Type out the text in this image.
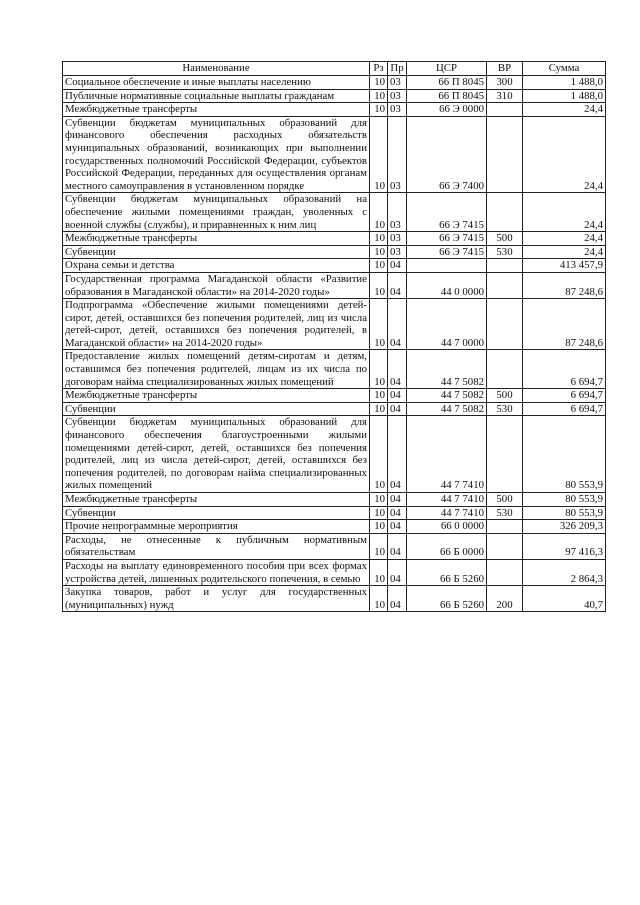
Наименование	Рз	Пр	ЦСР	ВР	Сумма
Социальное обеспечение и иные выплаты населению	10	03	66 П 8045	300	1 488,0
Публичные нормативные социальные выплаты гражданам	10	03	66 П 8045	310	1 488,0
Межбюджетные трансферты	10	03	66 Э 0000		24,4
Субвенции бюджетам муниципальных образований для финансового обеспечения расходных обязательств муниципальных образований, возникающих при выполнении государственных полномочий Российской Федерации, субъектов Российской Федерации, переданных для осуществления органам местного самоуправления в установленном порядке	10	03	66 Э 7400		24,4
Субвенции бюджетам муниципальных образований на обеспечение жилыми помещениями граждан, уволенных с военной службы (службы), и приравненных к ним лиц	10	03	66 Э 7415		24,4
Межбюджетные трансферты	10	03	66 Э 7415	500	24,4
Субвенции	10	03	66 Э 7415	530	24,4
Охрана семьи и детства	10	04			413 457,9
Государственная программа Магаданской области «Развитие образования в Магаданской области» на 2014-2020 годы»	10	04	44 0 0000		87 248,6
Подпрограмма «Обеспечение жилыми помещениями детей-сирот, детей, оставшихся без попечения родителей, лиц из числа детей-сирот, детей, оставшихся без попечения родителей, в Магаданской области» на 2014-2020 годы»	10	04	44 7 0000		87 248,6
Предоставление жилых помещений детям-сиротам и детям, оставшимся без попечения родителей, лицам из их числа по договорам найма специализированных жилых помещений	10	04	44 7 5082		6 694,7
Межбюджетные трансферты	10	04	44 7 5082	500	6 694,7
Субвенции	10	04	44 7 5082	530	6 694,7
Субвенции бюджетам муниципальных образований для финансового обеспечения благоустроенными жилыми помещениями детей-сирот, детей, оставшихся без попечения родителей, лиц из числа детей-сирот, детей, оставшихся без попечения родителей, по договорам найма специализированных жилых помещений	10	04	44 7 7410		80 553,9
Межбюджетные трансферты	10	04	44 7 7410	500	80 553,9
Субвенции	10	04	44 7 7410	530	80 553,9
Прочие непрограммные мероприятия	10	04	66 0 0000		326 209,3
Расходы, не отнесенные к публичным нормативным обязательствам	10	04	66 Б 0000		97 416,3
Расходы на выплату единовременного пособия при всех формах устройства детей, лишенных родительского попечения, в семью	10	04	66 Б 5260		2 864,3
Закупка товаров, работ и услуг для государственных (муниципальных) нужд	10	04	66 Б 5260	200	40,7
